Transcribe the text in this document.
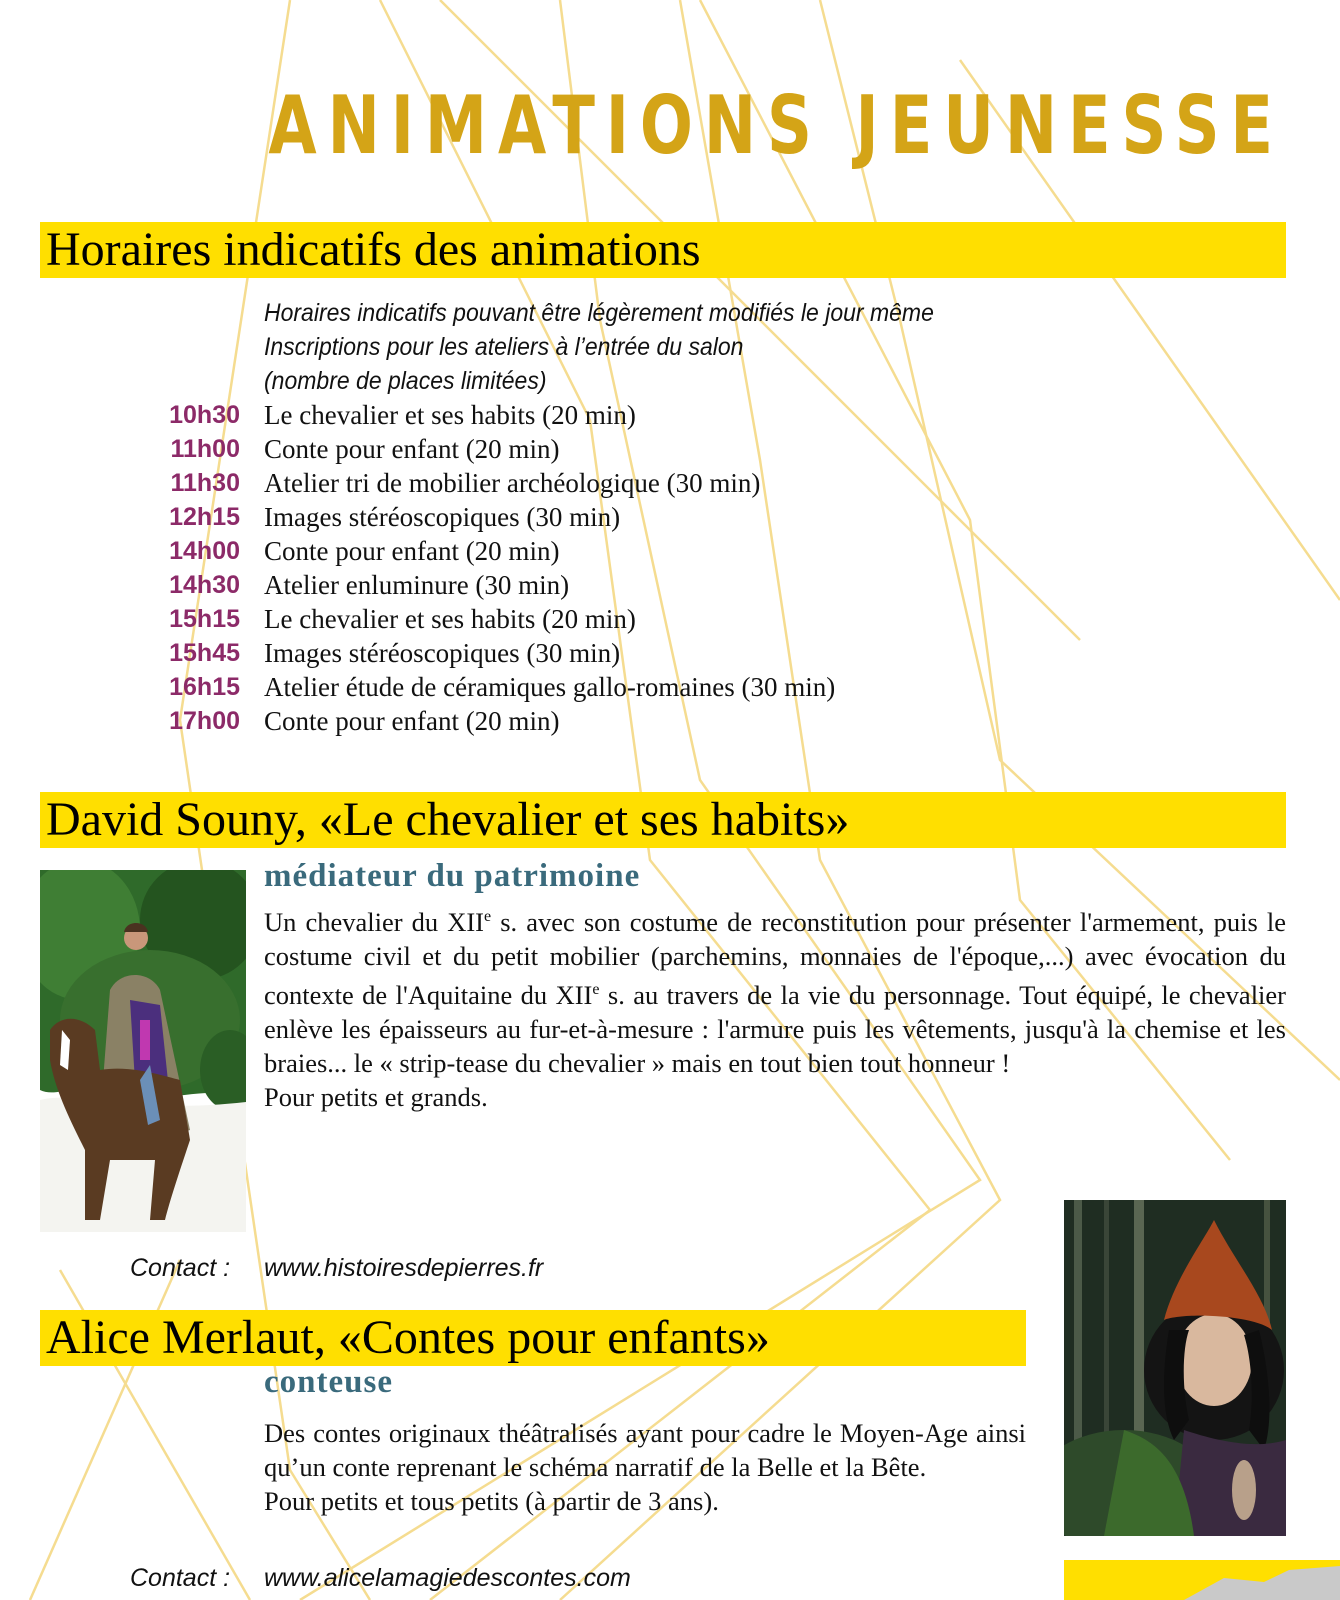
ANIMATIONS JEUNESSE
Horaires indicatifs des animations
Horaires indicatifs pouvant être légèrement modifiés le jour même
Inscriptions pour les ateliers à l’entrée du salon
(nombre de places limitées)
10h30 Le chevalier et ses habits (20 min)
11h00 Conte pour enfant (20 min)
11h30 Atelier tri de mobilier archéologique (30 min)
12h15 Images stéréoscopiques (30 min)
14h00 Conte pour enfant (20 min)
14h30 Atelier enluminure (30 min)
15h15 Le chevalier et ses habits (20 min)
15h45 Images stéréoscopiques (30 min)
16h15 Atelier étude de céramiques gallo-romaines (30 min)
17h00 Conte pour enfant (20 min)
David Souny, «Le chevalier et ses habits»
médiateur du patrimoine

Un chevalier du XIIe s. avec son costume de reconstitution pour présenter l'armement, puis le costume civil et du petit mobilier (parchemins, monnaies de l'époque,...) avec évocation du contexte de l'Aquitaine du XIIe s. au travers de la vie du personnage. Tout équipé, le chevalier enlève les épaisseurs au fur-et-à-mesure : l'armure puis les vêtements, jusqu'à la chemise et les braies... le « strip-tease du chevalier » mais en tout bien tout honneur !

Pour petits et grands.

Contact : www.histoiresdepierres.fr
Alice Merlaut, «Contes pour enfants»
conteuse

Des contes originaux théâtralisés ayant pour cadre le Moyen-Age ainsi qu’un conte reprenant le schéma narratif de la Belle et la Bête.

Pour petits et tous petits (à partir de 3 ans).

Contact : www.alicelamagiedescontes.com
